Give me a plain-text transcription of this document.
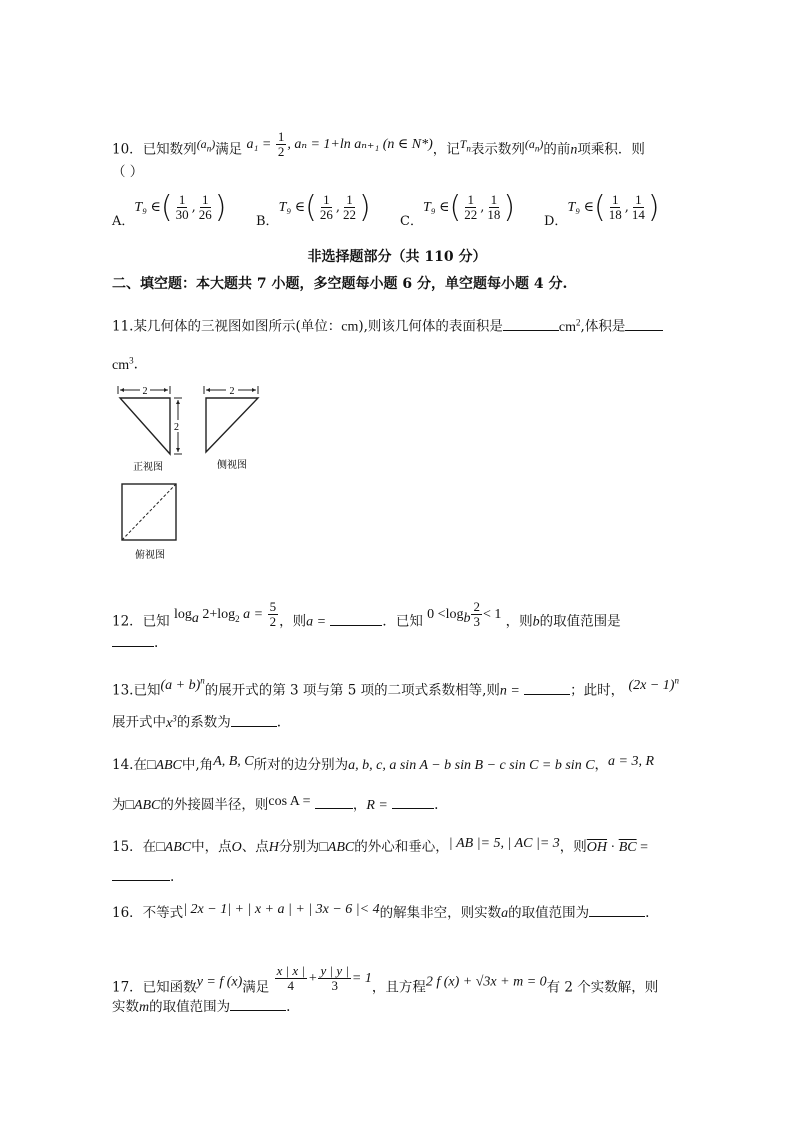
10．已知数列$(a_n)$满足 $a_1 = \frac{1}{2}$ , aₙ = 1+ln aₙ₊₁ (n ∈ N*)，记$T_n$表示数列$(a_n)$的前n项乘积．则
（ ）
A．T₉ ∈( $\frac{1}{30}$ , $\frac{1}{26}$ ) B．T₉ ∈( $\frac{1}{26}$ , $\frac{1}{22}$ ) C．T₉ ∈( $\frac{1}{22}$ , $\frac{1}{18}$ ) D．T₉ ∈( $\frac{1}{18}$ , $\frac{1}{14}$ )
非选择题部分（共 110 分）
二、填空题：本大题共 7 小题，多空题每小题 6 分，单空题每小题 4 分.
11.某几何体的三视图如图所示(单位：cm),则该几何体的表面积是	$cm^2$,体积是
$cm^3$.
2
2
2
正视图	侧视图
俯视图
12．已知 $\log_a 2+\log_2$ $a = \frac{5}{2}$ ，则a =	．已知 $0 <\log_b \frac{2}{3} < 1$ ，则b的取值范围是
.
13.已知$(a + b)^n$的展开式的第 3 项与第 5 项的二项式系数相等,则n =	；此时， $(2x - 1)^n$
展开式中$x^3$的系数为	.
14.在□ABC中,角A, B, C所对的边分别为a, b, c, a sin A − b sin B − c sin C = b sin C，a = 3, R
为□ABC的外接圆半径，则cos A =	，R =	.
15．在□ABC中，点O、点H分别为□ABC的外心和垂心，| AB |= 5, | AC |= 3，则$\overline{OH} \cdot \overline{BC}$ =
.
16．不等式| 2x − 1| + | x + a | + | 3x − 6 |< 4的解集非空，则实数a的取值范围为	.
17．已知函数y = f (x)满足 $\frac{x | x |}{4} + \frac{y | y |}{3} = 1$，且方程2 f (x) + √3x + m = 0有 2 个实数解，则
实数m的取值范围为	.
